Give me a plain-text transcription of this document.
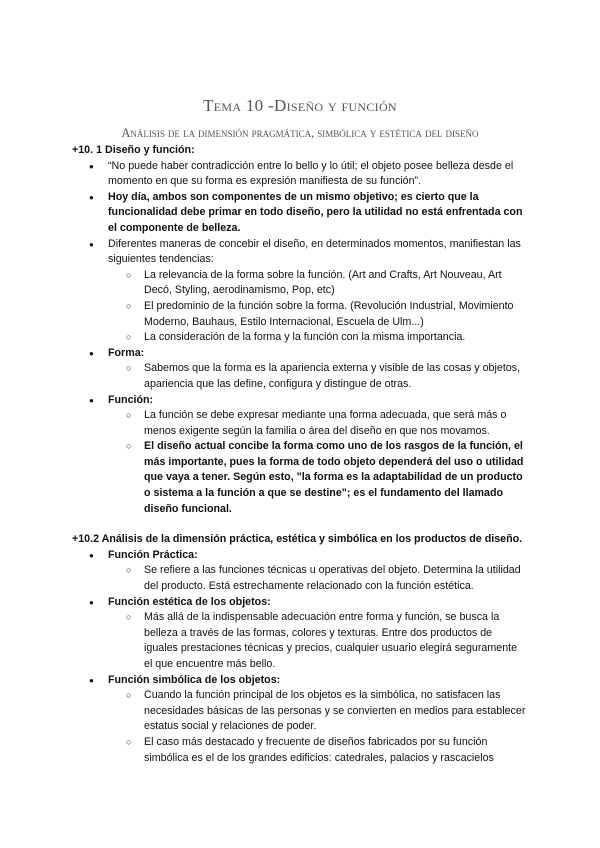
Tema 10 -Diseño y función
Análisis de la dimensión pragmática, simbólica y estética del diseño

+10. 1 Diseño y función:

● “No puede haber contradicción entre lo bello y lo útil; el objeto posee belleza desde el momento en que su forma es expresión manifiesta de su función”.
● Hoy día, ambos son componentes de un mismo objetivo; es cierto que la funcionalidad debe primar en todo diseño, pero la utilidad no está enfrentada con el componente de belleza.
● Diferentes maneras de concebir el diseño, en determinados momentos, manifiestan las siguientes tendencias:
○ La relevancia de la forma sobre la función. (Art and Crafts, Art Nouveau, Art Decó, Styling, aerodinamismo, Pop, etc)
○ El predominio de la función sobre la forma. (Revolución Industrial, Movimiento Moderno, Bauhaus, Estilo Internacional, Escuela de Ulm...)
○ La consideración de la forma y la función con la misma importancia.
● Forma:
○ Sabemos que la forma es la apariencia externa y visible de las cosas y objetos, apariencia que las define, configura y distingue de otras.
● Función:
○ La función se debe expresar mediante una forma adecuada, que será más o menos exigente según la familia o área del diseño en que nos movamos.
○ El diseño actual concibe la forma como uno de los rasgos de la función, el más importante, pues la forma de todo objeto dependerá del uso o utilidad que vaya a tener. Según esto, "la forma es la adaptabilidad de un producto o sistema a la función a que se destine"; es el fundamento del llamado diseño funcional.

+10.2 Análisis de la dimensión práctica, estética y simbólica en los productos de diseño.

● Función Práctica:
○ Se refiere a las funciones técnicas u operativas del objeto. Determina la utilidad del producto. Está estrechamente relacionado con la función estética.
● Función estética de los objetos:
○ Más allá de la indispensable adecuación entre forma y función, se busca la belleza a través de las formas, colores y texturas. Entre dos productos de iguales prestaciones técnicas y precios, cualquier usuario elegirá seguramente el que encuentre más bello.
● Función simbólica de los objetos:
○ Cuando la función principal de los objetos es la simbólica, no satisfacen las necesidades básicas de las personas y se convierten en medios para establecer estatus social y relaciones de poder.
○ El caso más destacado y frecuente de diseños fabricados por su función simbólica es el de los grandes edificios: catedrales, palacios y rascacielos
